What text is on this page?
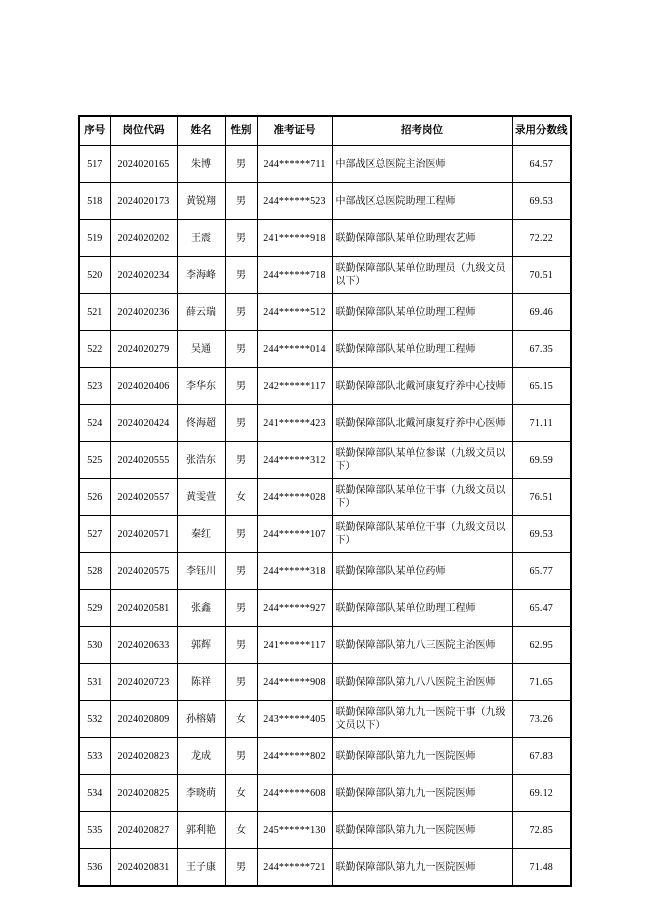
序号	岗位代码	姓名	性别	准考证号	招考岗位	录用分数线
517	2024020165	朱博	男	244******711	中部战区总医院主治医师	64.57
518	2024020173	黄锐翔	男	244******523	中部战区总医院助理工程师	69.53
519	2024020202	王震	男	241******918	联勤保障部队某单位助理农艺师	72.22
520	2024020234	李海峰	男	244******718	联勤保障部队某单位助理员（九级文员以下）	70.51
521	2024020236	薛云瑞	男	244******512	联勤保障部队某单位助理工程师	69.46
522	2024020279	吴通	男	244******014	联勤保障部队某单位助理工程师	67.35
523	2024020406	李华东	男	242******117	联勤保障部队北戴河康复疗养中心技师	65.15
524	2024020424	佟海超	男	241******423	联勤保障部队北戴河康复疗养中心医师	71.11
525	2024020555	张浩东	男	244******312	联勤保障部队某单位参谋（九级文员以下）	69.59
526	2024020557	黄雯萱	女	244******028	联勤保障部队某单位干事（九级文员以下）	76.51
527	2024020571	秦红	男	244******107	联勤保障部队某单位干事（九级文员以下）	69.53
528	2024020575	李钰川	男	244******318	联勤保障部队某单位药师	65.77
529	2024020581	张鑫	男	244******927	联勤保障部队某单位助理工程师	65.47
530	2024020633	郭辉	男	241******117	联勤保障部队第九八三医院主治医师	62.95
531	2024020723	陈祥	男	244******908	联勤保障部队第九八八医院主治医师	71.65
532	2024020809	孙榕婧	女	243******405	联勤保障部队第九九一医院干事（九级文员以下）	73.26
533	2024020823	龙成	男	244******802	联勤保障部队第九九一医院医师	67.83
534	2024020825	李晓萌	女	244******608	联勤保障部队第九九一医院医师	69.12
535	2024020827	郭利艳	女	245******130	联勤保障部队第九九一医院医师	72.85
536	2024020831	王子康	男	244******721	联勤保障部队第九九一医院医师	71.48
